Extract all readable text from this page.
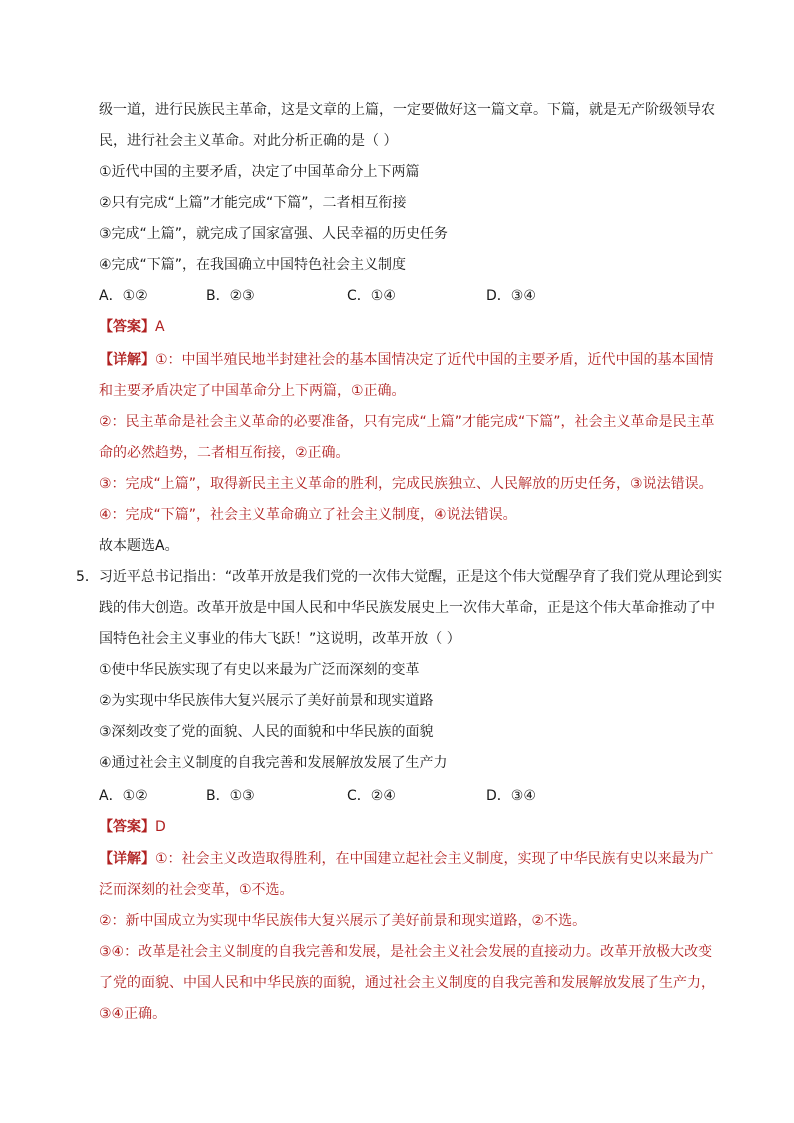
级一道，进行民族民主革命，这是文章的上篇，一定要做好这一篇文章。下篇，就是无产阶级领导农
民，进行社会主义革命。对此分析正确的是（ ）
①近代中国的主要矛盾，决定了中国革命分上下两篇
②只有完成“上篇”才能完成“下篇”，二者相互衔接
③完成“上篇”，就完成了国家富强、人民幸福的历史任务
④完成“下篇”，在我国确立中国特色社会主义制度
A．①②	B．②③	C．①④	D．③④
【答案】A
【详解】①：中国半殖民地半封建社会的基本国情决定了近代中国的主要矛盾，近代中国的基本国情
和主要矛盾决定了中国革命分上下两篇，①正确。
②：民主革命是社会主义革命的必要准备，只有完成“上篇”才能完成“下篇”，社会主义革命是民主革
命的必然趋势，二者相互衔接，②正确。
③：完成“上篇”，取得新民主主义革命的胜利，完成民族独立、人民解放的历史任务，③说法错误。
④：完成“下篇”，社会主义革命确立了社会主义制度，④说法错误。
故本题选A。
5．习近平总书记指出：“改革开放是我们党的一次伟大觉醒，正是这个伟大觉醒孕育了我们党从理论到实
践的伟大创造。改革开放是中国人民和中华民族发展史上一次伟大革命，正是这个伟大革命推动了中
国特色社会主义事业的伟大飞跃！”这说明，改革开放（ ）
①使中华民族实现了有史以来最为广泛而深刻的变革
②为实现中华民族伟大复兴展示了美好前景和现实道路
③深刻改变了党的面貌、人民的面貌和中华民族的面貌
④通过社会主义制度的自我完善和发展解放发展了生产力
A．①②	B．①③	C．②④	D．③④
【答案】D
【详解】①：社会主义改造取得胜利，在中国建立起社会主义制度，实现了中华民族有史以来最为广
泛而深刻的社会变革，①不选。
②：新中国成立为实现中华民族伟大复兴展示了美好前景和现实道路，②不选。
③④：改革是社会主义制度的自我完善和发展，是社会主义社会发展的直接动力。改革开放极大改变
了党的面貌、中国人民和中华民族的面貌，通过社会主义制度的自我完善和发展解放发展了生产力，
③④正确。
